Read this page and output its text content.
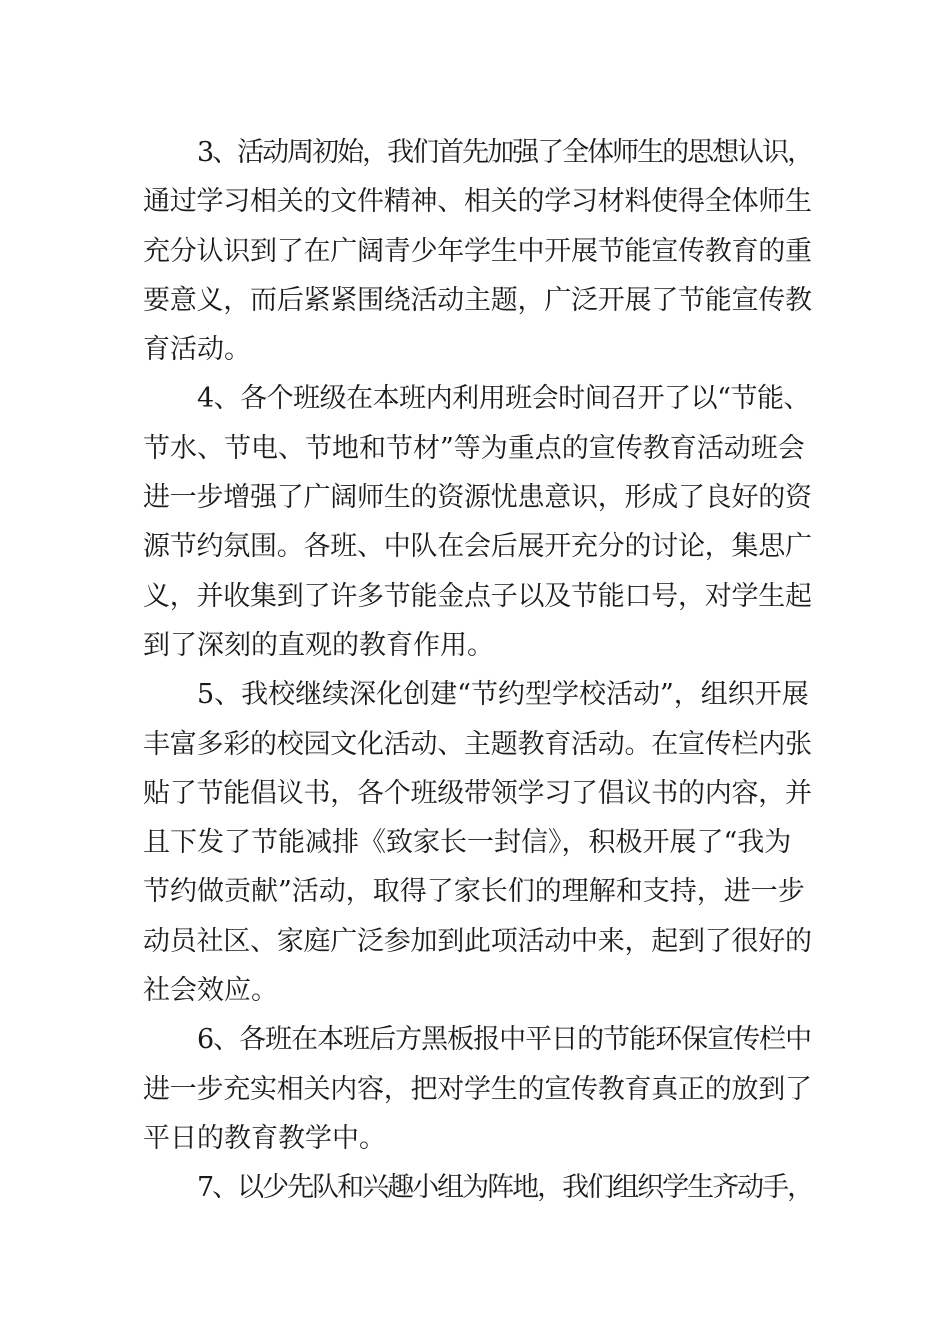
3、活动周初始，我们首先加强了全体师生的思想认识，
通过学习相关的文件精神、相关的学习材料使得全体师生
充分认识到了在广阔青少年学生中开展节能宣传教育的重
要意义，而后紧紧围绕活动主题，广泛开展了节能宣传教
育活动。
4、各个班级在本班内利用班会时间召开了以“节能、
节水、节电、节地和节材”等为重点的宣传教育活动班会
进一步增强了广阔师生的资源忧患意识，形成了良好的资
源节约氛围。各班、中队在会后展开充分的讨论，集思广
义，并收集到了许多节能金点子以及节能口号，对学生起
到了深刻的直观的教育作用。
5、我校继续深化创建“节约型学校活动”，组织开展
丰富多彩的校园文化活动、主题教育活动。在宣传栏内张
贴了节能倡议书，各个班级带领学习了倡议书的内容，并
且下发了节能减排《致家长一封信》，积极开展了“我为
节约做贡献”活动，取得了家长们的理解和支持，进一步
动员社区、家庭广泛参加到此项活动中来，起到了很好的
社会效应。
6、各班在本班后方黑板报中平日的节能环保宣传栏中
进一步充实相关内容，把对学生的宣传教育真正的放到了
平日的教育教学中。
7、以少先队和兴趣小组为阵地，我们组织学生齐动手，
